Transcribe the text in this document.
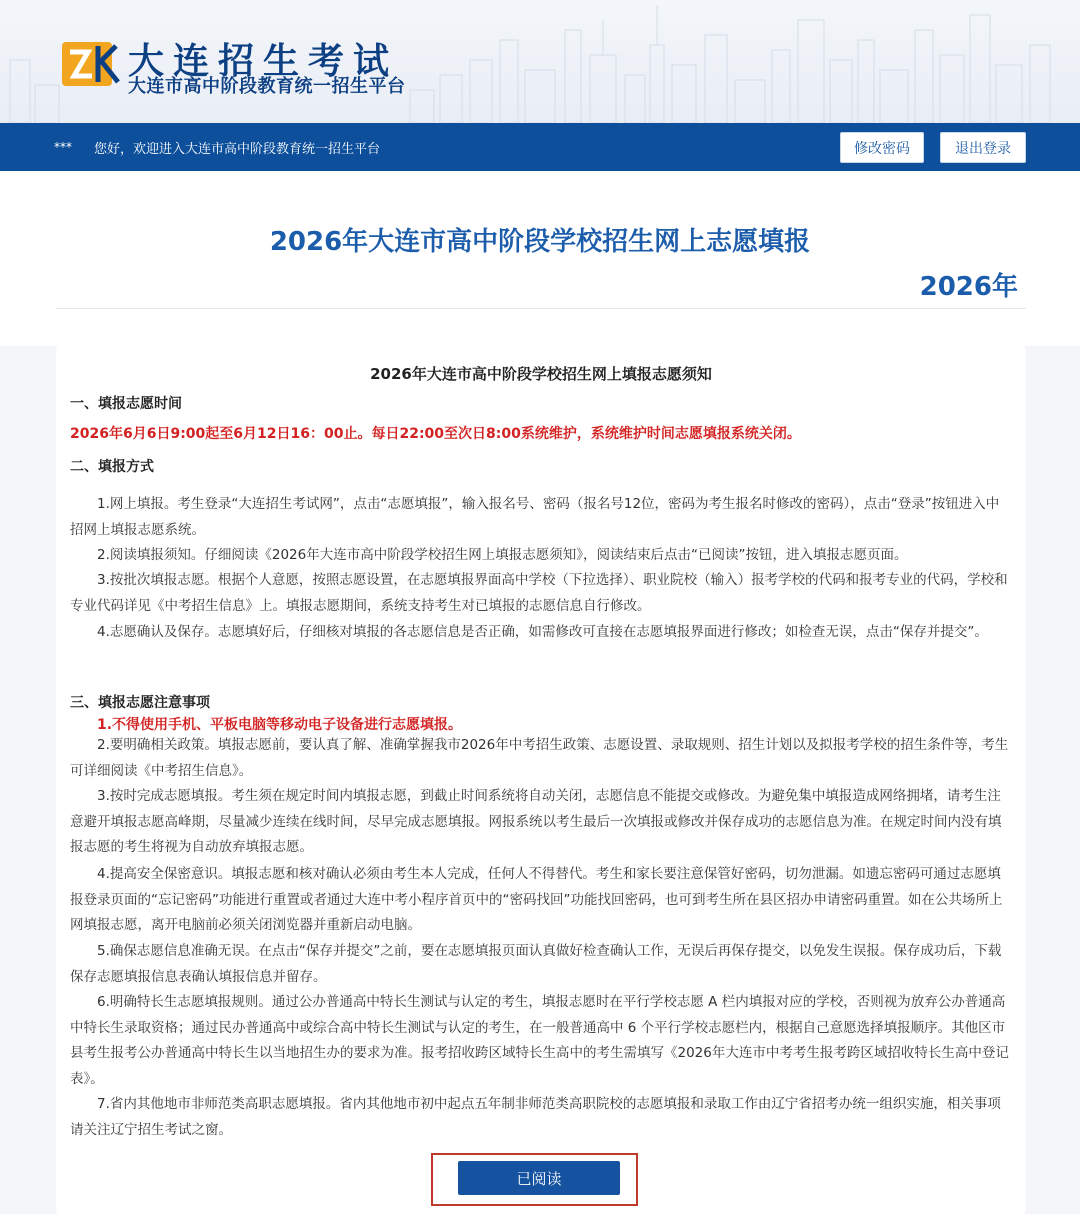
大连招生考试
大连市高中阶段教育统一招生平台
***	您好，欢迎进入大连市高中阶段教育统一招生平台	修改密码	退出登录
2026年大连市高中阶段学校招生网上志愿填报
2026年
2026年大连市高中阶段学校招生网上填报志愿须知
一、填报志愿时间
2026年6月6日9:00起至6月12日16：00止。每日22:00至次日8:00系统维护，系统维护时间志愿填报系统关闭。
二、填报方式
1.网上填报。考生登录“大连招生考试网”，点击“志愿填报”，输入报名号、密码（报名号12位，密码为考生报名时修改的密码），点击“登录”按钮进入中招网上填报志愿系统。
2.阅读填报须知。仔细阅读《2026年大连市高中阶段学校招生网上填报志愿须知》，阅读结束后点击“已阅读”按钮，进入填报志愿页面。
3.按批次填报志愿。根据个人意愿，按照志愿设置，在志愿填报界面高中学校（下拉选择）、职业院校（输入）报考学校的代码和报考专业的代码，学校和专业代码详见《中考招生信息》上。填报志愿期间，系统支持考生对已填报的志愿信息自行修改。
4.志愿确认及保存。志愿填好后，仔细核对填报的各志愿信息是否正确，如需修改可直接在志愿填报界面进行修改；如检查无误，点击“保存并提交”。
三、填报志愿注意事项
1.不得使用手机、平板电脑等移动电子设备进行志愿填报。
2.要明确相关政策。填报志愿前，要认真了解、准确掌握我市2026年中考招生政策、志愿设置、录取规则、招生计划以及拟报考学校的招生条件等，考生可详细阅读《中考招生信息》。
3.按时完成志愿填报。考生须在规定时间内填报志愿，到截止时间系统将自动关闭，志愿信息不能提交或修改。为避免集中填报造成网络拥堵，请考生注意避开填报志愿高峰期，尽量减少连续在线时间，尽早完成志愿填报。网报系统以考生最后一次填报或修改并保存成功的志愿信息为准。在规定时间内没有填报志愿的考生将视为自动放弃填报志愿。
4.提高安全保密意识。填报志愿和核对确认必须由考生本人完成，任何人不得替代。考生和家长要注意保管好密码，切勿泄漏。如遗忘密码可通过志愿填报登录页面的“忘记密码”功能进行重置或者通过大连中考小程序首页中的“密码找回”功能找回密码，也可到考生所在县区招办申请密码重置。如在公共场所上网填报志愿，离开电脑前必须关闭浏览器并重新启动电脑。
5.确保志愿信息准确无误。在点击“保存并提交”之前，要在志愿填报页面认真做好检查确认工作，无误后再保存提交，以免发生误报。保存成功后，下载保存志愿填报信息表确认填报信息并留存。
6.明确特长生志愿填报规则。通过公办普通高中特长生测试与认定的考生，填报志愿时在平行学校志愿 A 栏内填报对应的学校，否则视为放弃公办普通高中特长生录取资格；通过民办普通高中或综合高中特长生测试与认定的考生，在一般普通高中 6 个平行学校志愿栏内，根据自己意愿选择填报顺序。其他区市县考生报考公办普通高中特长生以当地招生办的要求为准。报考招收跨区域特长生高中的考生需填写《2026年大连市中考考生报考跨区域招收特长生高中登记表》。
7.省内其他地市非师范类高职志愿填报。省内其他地市初中起点五年制非师范类高职院校的志愿填报和录取工作由辽宁省招考办统一组织实施，相关事项请关注辽宁招生考试之窗。
已阅读
